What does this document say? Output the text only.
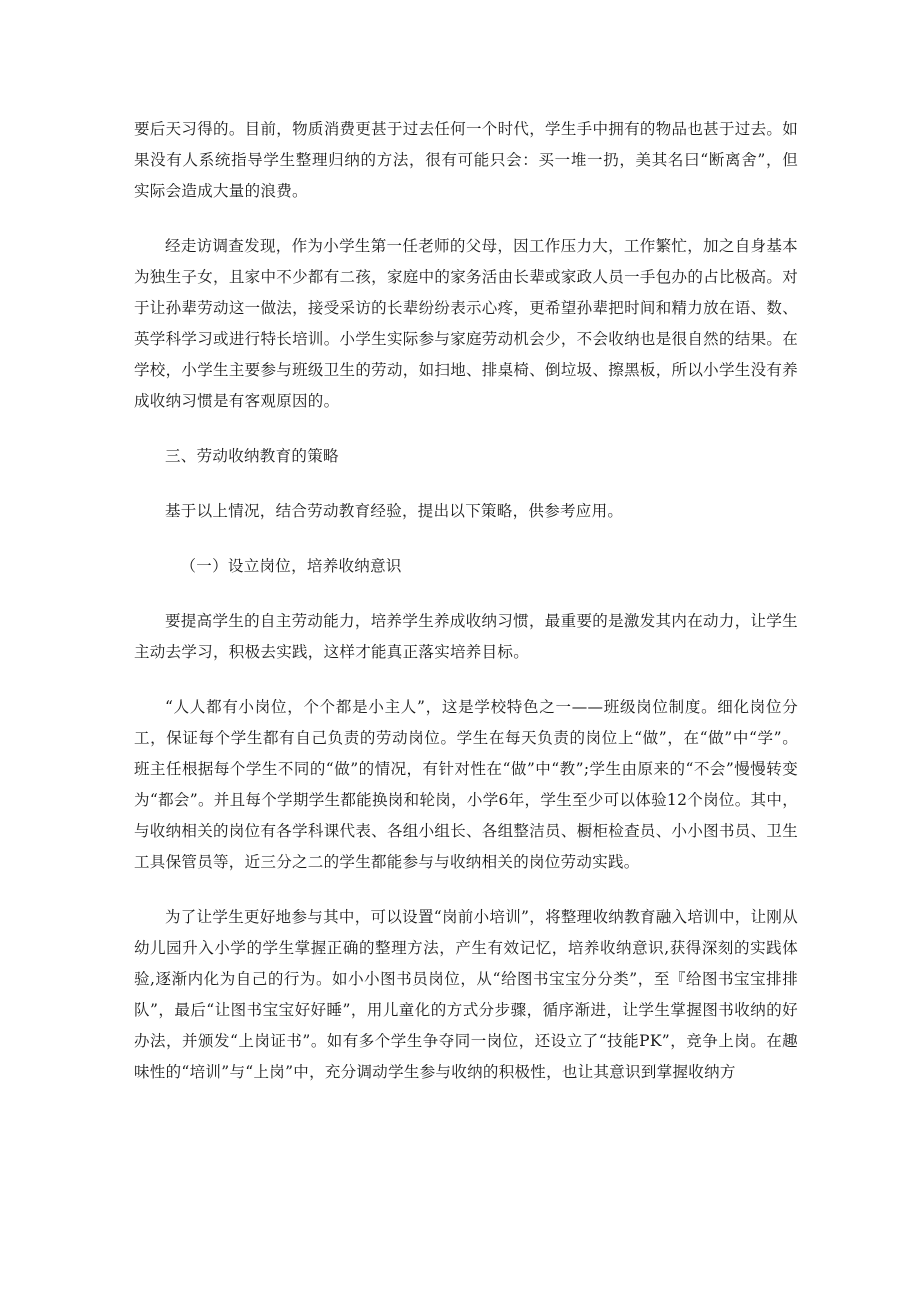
要后天习得的。目前，物质消费更甚于过去任何一个时代，学生手中拥有的物品也甚于过去。如果没有人系统指导学生整理归纳的方法，很有可能只会：买一堆一扔，美其名曰“断离舍”，但实际会造成大量的浪费。

经走访调查发现，作为小学生第一任老师的父母，因工作压力大，工作繁忙，加之自身基本为独生子女，且家中不少都有二孩，家庭中的家务活由长辈或家政人员一手包办的占比极高。对于让孙辈劳动这一做法，接受采访的长辈纷纷表示心疼，更希望孙辈把时间和精力放在语、数、英学科学习或进行特长培训。小学生实际参与家庭劳动机会少，不会收纳也是很自然的结果。在学校，小学生主要参与班级卫生的劳动，如扫地、排桌椅、倒垃圾、擦黑板，所以小学生没有养成收纳习惯是有客观原因的。

三、劳动收纳教育的策略

基于以上情况，结合劳动教育经验，提出以下策略，供参考应用。

（一）设立岗位，培养收纳意识

要提高学生的自主劳动能力，培养学生养成收纳习惯，最重要的是激发其内在动力，让学生主动去学习，积极去实践，这样才能真正落实培养目标。

“人人都有小岗位，个个都是小主人”，这是学校特色之一——班级岗位制度。细化岗位分工，保证每个学生都有自己负责的劳动岗位。学生在每天负责的岗位上“做”，在“做”中“学”。班主任根据每个学生不同的“做”的情况，有针对性在“做”中“教”;学生由原来的“不会”慢慢转变为“都会”。并且每个学期学生都能换岗和轮岗，小学6年，学生至少可以体验12个岗位。其中，与收纳相关的岗位有各学科课代表、各组小组长、各组整洁员、橱柜检查员、小小图书员、卫生工具保管员等，近三分之二的学生都能参与与收纳相关的岗位劳动实践。

为了让学生更好地参与其中，可以设置“岗前小培训”，将整理收纳教育融入培训中，让刚从幼儿园升入小学的学生掌握正确的整理方法，产生有效记忆，培养收纳意识,获得深刻的实践体验,逐渐内化为自己的行为。如小小图书员岗位，从“给图书宝宝分分类”，至『给图书宝宝排排队”，最后“让图书宝宝好好睡”，用儿童化的方式分步骤，循序渐进，让学生掌握图书收纳的好办法，并颁发“上岗证书”。如有多个学生争夺同一岗位，还设立了“技能PK”，竞争上岗。在趣味性的“培训”与“上岗”中，充分调动学生参与收纳的积极性，也让其意识到掌握收纳方
